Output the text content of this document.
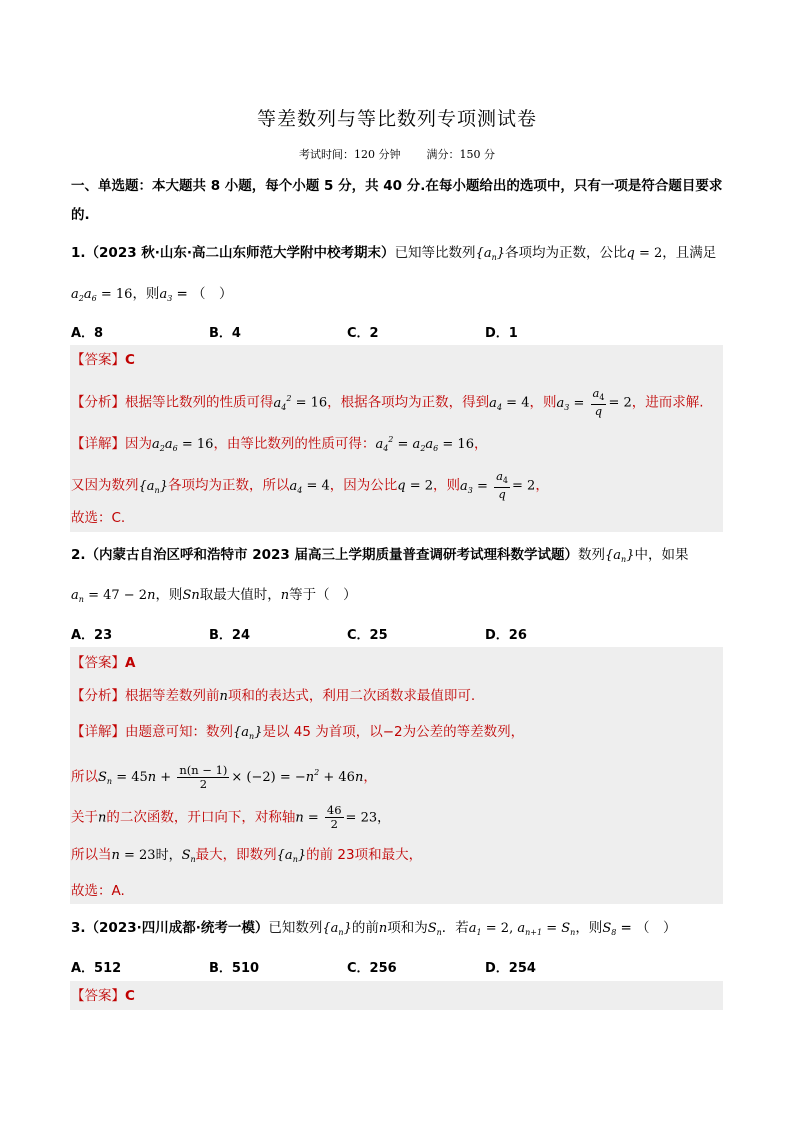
等差数列与等比数列专项测试卷
考试时间：120 分钟 满分：150 分
一、单选题：本大题共 8 小题，每个小题 5 分，共 40 分.在每小题给出的选项中，只有一项是符合题目要求
的.
1.（2023 秋·山东·高二山东师范大学附中校考期末）已知等比数列$\{a_n\}$各项均为正数，公比q = 2，且满足
$a_2a_6 = 16$，则$a_3$ = （　）
A．8	B．4	C．2	D．1
【答案】C
【分析】根据等比数列的性质可得$a_4^2 = 16$，根据各项均为正数，得到$a_4 = 4$，则$a_3 = \frac{a_4}{q} = 2$，进而求解.
【详解】因为$a_2a_6 = 16$，由等比数列的性质可得：$a_4^2 = a_2a_6 = 16$，
又因为数列$\{a_n\}$各项均为正数，所以$a_4 = 4$，因为公比q = 2，则$a_3 = \frac{a_4}{q} = 2$，
故选：C.
2.（内蒙古自治区呼和浩特市 2023 届高三上学期质量普查调研考试理科数学试题）数列$\{a_n\}$中，如果
$a_n = 47 - 2n$，则Sn取最大值时，n等于（　）
A．23	B．24	C．25	D．26
【答案】A
【分析】根据等差数列前n项和的表达式，利用二次函数求最值即可.
【详解】由题意可知：数列$\{a_n\}$是以 45 为首项，以−2为公差的等差数列，
所以$S_n = 45n + \frac{n(n - 1)}{2} \times (-2) = -n^2 + 46n$，
关于n的二次函数，开口向下，对称轴$n = \frac{46}{2} = 23$，
所以当n = 23时，$S_n$最大，即数列$\{a_n\}$的前 23项和最大，
故选：A.
3.（2023·四川成都·统考一模）已知数列$\{a_n\}$的前n项和为$S_n$．若$a_1 = 2$, $a_{n+1} = S_n$，则$S_8$ = （　）
A．512	B．510	C．256	D．254
【答案】C
